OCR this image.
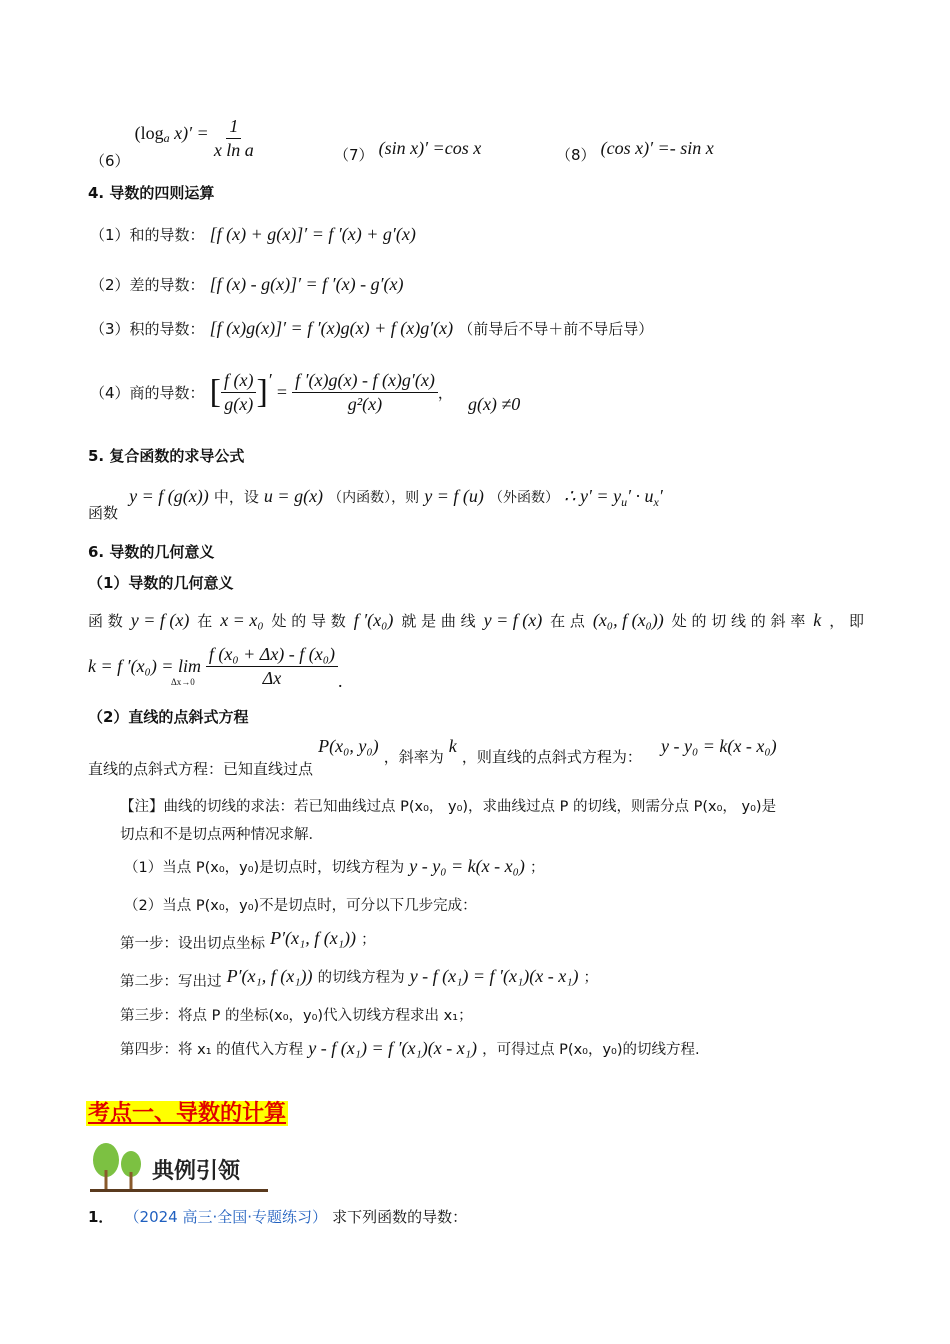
（6） (loga $x)' = \frac{1}{\text{x ln a}}$	（7） (sin x)′ =cos x	（8） (cos x)′ =- sin x
4. 导数的四则运算
（1）和的导数： [f (x) + g(x)]′ = f ′(x) + g′(x)
（2）差的导数： [f (x) - g(x)]′ = f ′(x) - g′(x)
（3）积的导数： [f (x)g(x)]′ = f ′(x)g(x) + f (x)g′(x) （前导后不导＋前不导后导）
（4）商的导数： [ $\frac{f (x)}{g(x)}$ ]′ = $\frac{f '(x)g(x) - f (x)g'(x)}{\text{g²(x)}}$ ， g(x) ≠0
5. 复合函数的求导公式
函数 y = f (g(x)) 中，设 u = g(x) （内函数），则 y = f (u) （外函数） ∴ $y' = y_u' \cdot u_x'$
6. 导数的几何意义
（1）导数的几何意义
函 数 y = f (x) 在 x = x₀ 处 的 导 数 f ′(x₀) 就 是 曲 线 y = f (x) 在 点 (x₀, f (x₀)) 处 的 切 线 的 斜 率 k ， 即
k = f $'(x_0) = \lim_{\Delta x\to 0} \frac{\text{f (x₀ + Δx) - f (x₀)}}{\Delta x}$ .
（2）直线的点斜式方程
直线的点斜式方程：已知直线过点 P(x₀, y₀) ，斜率为 k ，则直线的点斜式方程为： y - y₀ = k(x - x₀)
【注】曲线的切线的求法：若已知曲线过点 P(x₀， y₀)，求曲线过点 P 的切线，则需分点 P(x₀， y₀)是
切点和不是切点两种情况求解．
（1）当点 P(x₀，y₀)是切点时，切线方程为 y - y₀ = k(x - x₀) ；
（2）当点 P(x₀，y₀)不是切点时，可分以下几步完成：
第一步：设出切点坐标 P′(x₁, f (x₁)) ；
第二步：写出过 P′(x₁, f (x₁)) 的切线方程为 y - f (x₁) = f ′(x₁)(x - x₁) ；
第三步：将点 P 的坐标(x₀，y₀)代入切线方程求出 x₁；
第四步：将 x₁ 的值代入方程 y - f (x₁) = f ′(x₁)(x - x₁) ，可得过点 P(x₀，y₀)的切线方程.
考点一、导数的计算
典例引领
1． （2024 高三·全国·专题练习） 求下列函数的导数：
